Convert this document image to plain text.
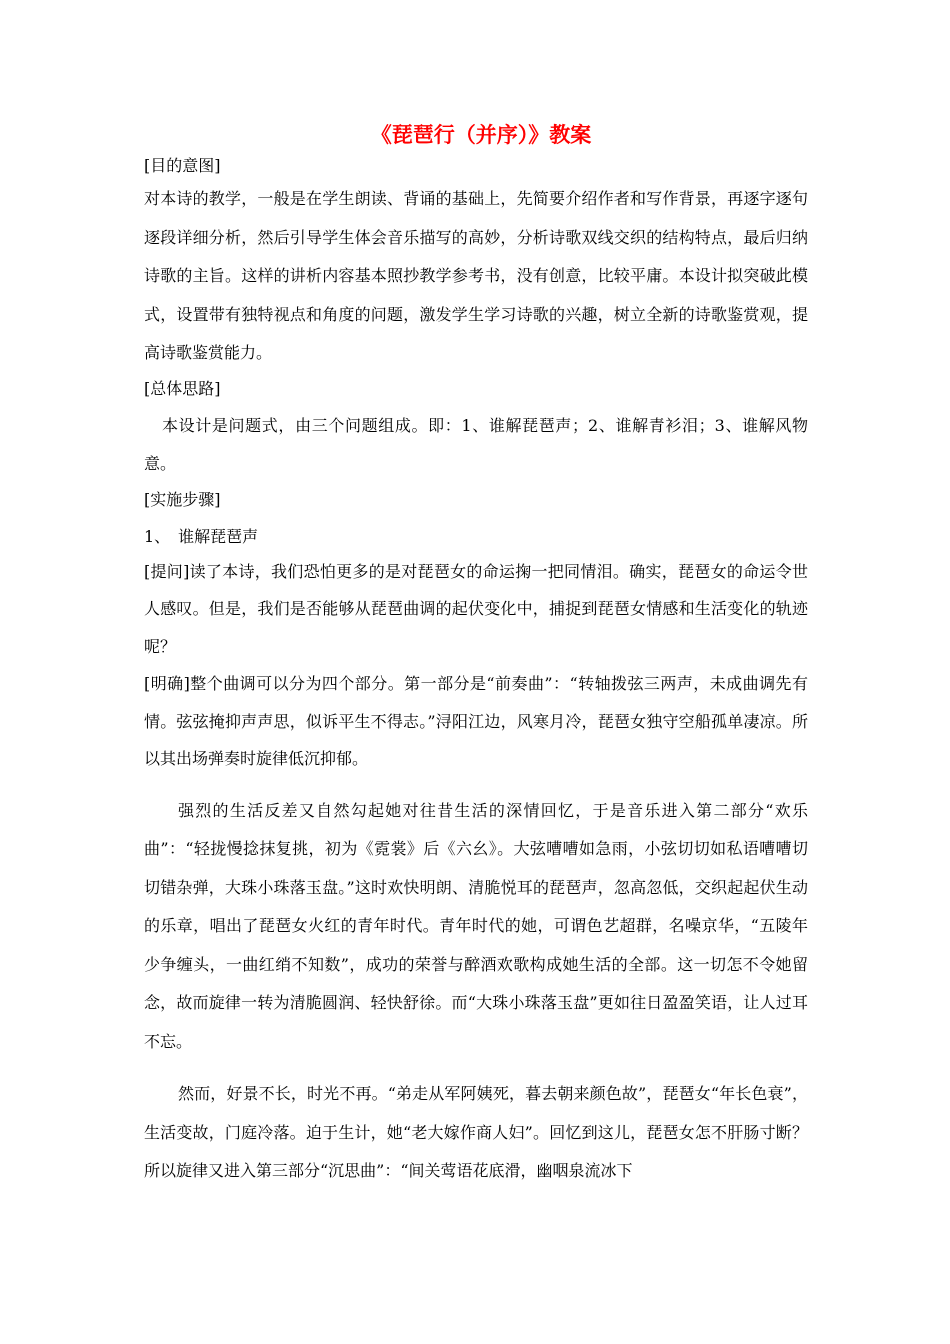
《琵琶行（并序）》教案

[目的意图]

对本诗的教学，一般是在学生朗读、背诵的基础上，先简要介绍作者和写作背景，再逐字逐句逐段详细分析，然后引导学生体会音乐描写的高妙，分析诗歌双线交织的结构特点，最后归纳诗歌的主旨。这样的讲析内容基本照抄教学参考书，没有创意，比较平庸。本设计拟突破此模式，设置带有独特视点和角度的问题，激发学生学习诗歌的兴趣，树立全新的诗歌鉴赏观，提高诗歌鉴赏能力。

[总体思路]

本设计是问题式，由三个问题组成。即：1、谁解琵琶声；2、谁解青衫泪；3、谁解风物意。

[实施步骤]

1、　谁解琵琶声

[提问]读了本诗，我们恐怕更多的是对琵琶女的命运掬一把同情泪。确实，琵琶女的命运令世人感叹。但是，我们是否能够从琵琶曲调的起伏变化中，捕捉到琵琶女情感和生活变化的轨迹呢？

[明确]整个曲调可以分为四个部分。第一部分是“前奏曲”：“转轴拨弦三两声，未成曲调先有情。弦弦掩抑声声思，似诉平生不得志。”浔阳江边，风寒月冷，琵琶女独守空船孤单凄凉。所以其出场弹奏时旋律低沉抑郁。

强烈的生活反差又自然勾起她对往昔生活的深情回忆，于是音乐进入第二部分“欢乐曲”：“轻拢慢捻抹复挑，初为《霓裳》后《六幺》。大弦嘈嘈如急雨，小弦切切如私语嘈嘈切切错杂弹，大珠小珠落玉盘。”这时欢快明朗、清脆悦耳的琵琶声，忽高忽低，交织起起伏生动的乐章，唱出了琵琶女火红的青年时代。青年时代的她，可谓色艺超群，名噪京华，“五陵年少争缠头，一曲红绡不知数”，成功的荣誉与醉酒欢歌构成她生活的全部。这一切怎不令她留念，故而旋律一转为清脆圆润、轻快舒徐。而“大珠小珠落玉盘”更如往日盈盈笑语，让人过耳不忘。

然而，好景不长，时光不再。“弟走从军阿姨死，暮去朝来颜色故”，琵琶女“年长色衰”，生活变故，门庭冷落。迫于生计，她“老大嫁作商人妇”。回忆到这儿，琵琶女怎不肝肠寸断？所以旋律又进入第三部分“沉思曲”：“间关莺语花底滑，幽咽泉流冰下
